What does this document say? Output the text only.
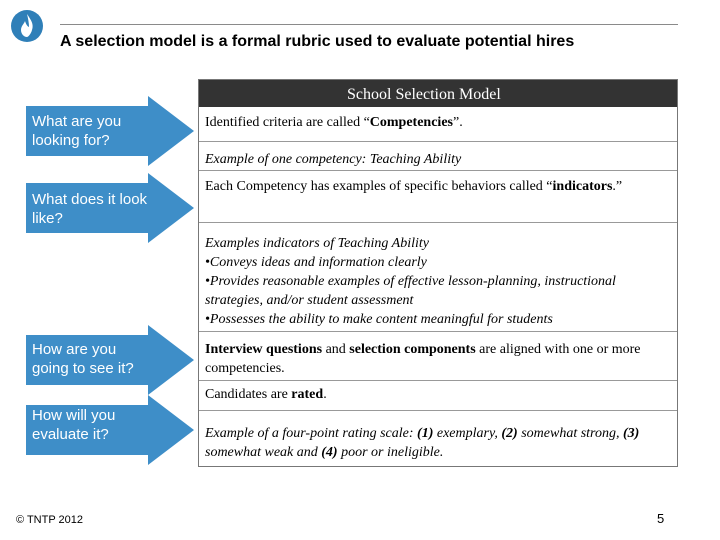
A selection model is a formal rubric used to evaluate potential hires
What are you looking for?
What does it look like?
How are you going to see it?
How will you evaluate it?
School Selection Model
Identified criteria are called “Competencies”.
Example of one competency: Teaching Ability
Each Competency has examples of specific behaviors called “indicators.”
Examples indicators of Teaching Ability
•Conveys ideas and information clearly
•Provides reasonable examples of effective lesson-planning, instructional strategies, and/or student assessment
•Possesses the ability to make content meaningful for students
Interview questions and selection components are aligned with one or more competencies.
Candidates are rated.
Example of a four-point rating scale: (1) exemplary, (2) somewhat strong, (3) somewhat weak and (4) poor or ineligible.
© TNTP 2012	5
